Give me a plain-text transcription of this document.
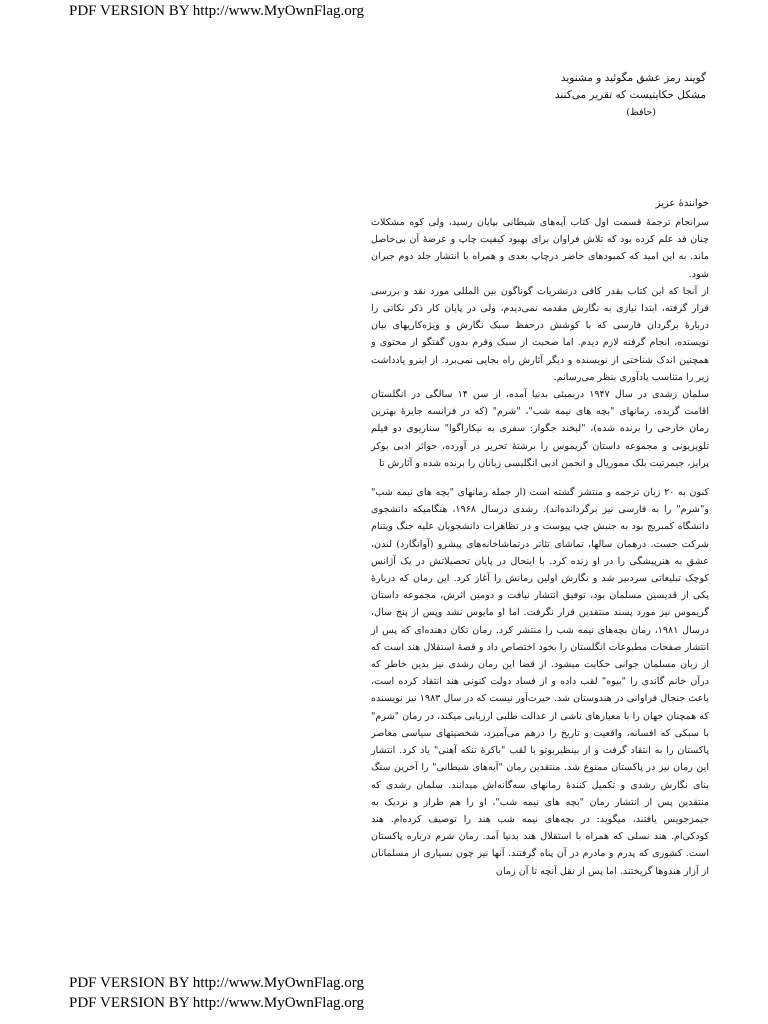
PDF VERSION BY http://www.MyOwnFlag.org
گویند رمز عشق مگوئید و مشنوید
مشکل حکایتیست که تقریر می‌کنند
(حافظ)
خوانندهٔ عزیز

سرانجام ترجمهٔ قسمت اول کتاب آیه‌های شیطانی بپایان رسید، ولی کوه مشکلات چنان قد علم کرده بود که تلاش فراوان برای بهبود کیفیت چاپ و عرضهٔ آن بی‌حاصل ماند. به این امید که کمبودهای حاضر درچاپ بعدی و همراه با انتشار جلد دوم جبران شود.

از آنجا که این کتاب بقدر کافی درنشریات گوناگون بین المللی مورد نقد و بررسی قرار گرفته، ابتدا نیازی به نگارش مقدمه نمی‌دیدم، ولی در پایان کار ذکر نکاتی را دربارهٔ برگردان فارسی که با کوشش درحفظ سبک نگارش و ویژه‌کاریهای بیان نویسنده، انجام گرفته لازم دیدم. اما صحبت از سبک وفرم بدون گفتگو از محتوی و همچنین اندک شناختی از نویسنده و دیگر آثارش راه بجایی نمی‌برد. از اینرو یادداشت زیر را متناسب یادآوری بنظر می‌رسانم.

سلمان رشدی در سال ۱۹۴۷ دربمبئی بدنیا آمده، از سن ۱۴ سالگی در انگلستان اقامت گزیده، رمانهای "بچه های نیمه شب"، "شرم" (که در فرانسه جایزهٔ بهترین رمان خارجی را برنده شده)، "لبخند جگوار: سفری به نیکاراگوا" سناریوی دو فیلم تلویزیونی و مجموعه داستان گریموس را برشتهٔ تحریر در آورده، جوائز ادبی بوکر پرایز، جیمزتیت بلک مموریال و انجمن ادبی انگلیسی زبانان را برنده شده و آثارش تا

کنون به ۲۰ زبان ترجمه و منتشر گشته است (از جمله رمانهای "بچه های نیمه شب" و"شرم" را به فارسی نیز برگردانده‌اند). رشدی درسال ۱۹۶۸، هنگامیکه دانشجوی دانشگاه کمبریج بود به جنبش چپ پیوست و در تظاهرات دانشجویان علیه جنگ ویتنام شرکت جست. درهمان سالها، تماشای تئاتر درتماشاخانه‌های پیشرو (آوانگارد) لندن، عشق به هنرپیشگی را در او زنده کرد. با اینحال در پایان تحصیلاتش در یک آژانس کوچک تبلیغاتی سردبیر شد و نگارش اولین رمانش را آغاز کرد. این رمان که دربارهٔ یکی از قدیسین مسلمان بود، توفیق انتشار نیافت و دومین اثرش، مجموعه داستان گریموس نیز مورد پسند منتقدین قرار نگرفت. اما او مایوس نشد وپس از پنج سال، درسال ۱۹۸۱، رمان بچه‌های نیمه شب را منتشر کرد. رمان تکان دهنده‌ای که پس از انتشار صفحات مطبوعات انگلستان را بخود اختصاص داد و قصهٔ استقلال هند است که از زبان مسلمان جوانی حکایت میشود. از قضا این رمان رشدی نیز بدین خاطر که درآن خانم گاندی را "بیوه" لقب داده و از فساد دولت کنونی هند انتقاد کرده است، باعث جنجال فراوانی در هندوستان شد. حیرت‌آور نیست که در سال ۱۹۸۳ نیز نویسنده که همچنان جهان را با معیارهای ناشی از عدالت طلبی ارزیابی میکند، در رمان "شرم" با سبکی که افسانه، واقعیت و تاریخ را درهم می‌آمیزد، شخصیتهای سیاسی معاصر پاکستان را به انتقاد گرفت و از بینظیربوتو با لقب "باکرهٔ تنکه آهنی" یاد کرد. انتشار این رمان نیز در پاکستان ممنوع شد. منتقدین رمان "آیه‌های شیطانی" را آخرین سنگ بنای نگارش رشدی و تکمیل کنندهٔ رمانهای سه‌گانه‌اش میدانند. سلمان رشدی که منتقدین پس از انتشار رمان "بچه های نیمه شب"، او را هم طراز و نزدیک به جیمزجویس یافتند، میگوید: در بچه‌های نیمه شب هند را توصیف کرده‌ام. هند کودکی‌ام. هند نسلی که همراه با استقلال هند بدنیا آمد. رمان شرم درباره پاکستان است. کشوری که پدرم و مادرم در آن پناه گرفتند. آنها نیز چون بسیاری از مسلمانان از آزار هندوها گریختند. اما پس از نقل آنچه تا آن زمان

PDF VERSION BY http://www.MyOwnFlag.org
PDF VERSION BY http://www.MyOwnFlag.org
